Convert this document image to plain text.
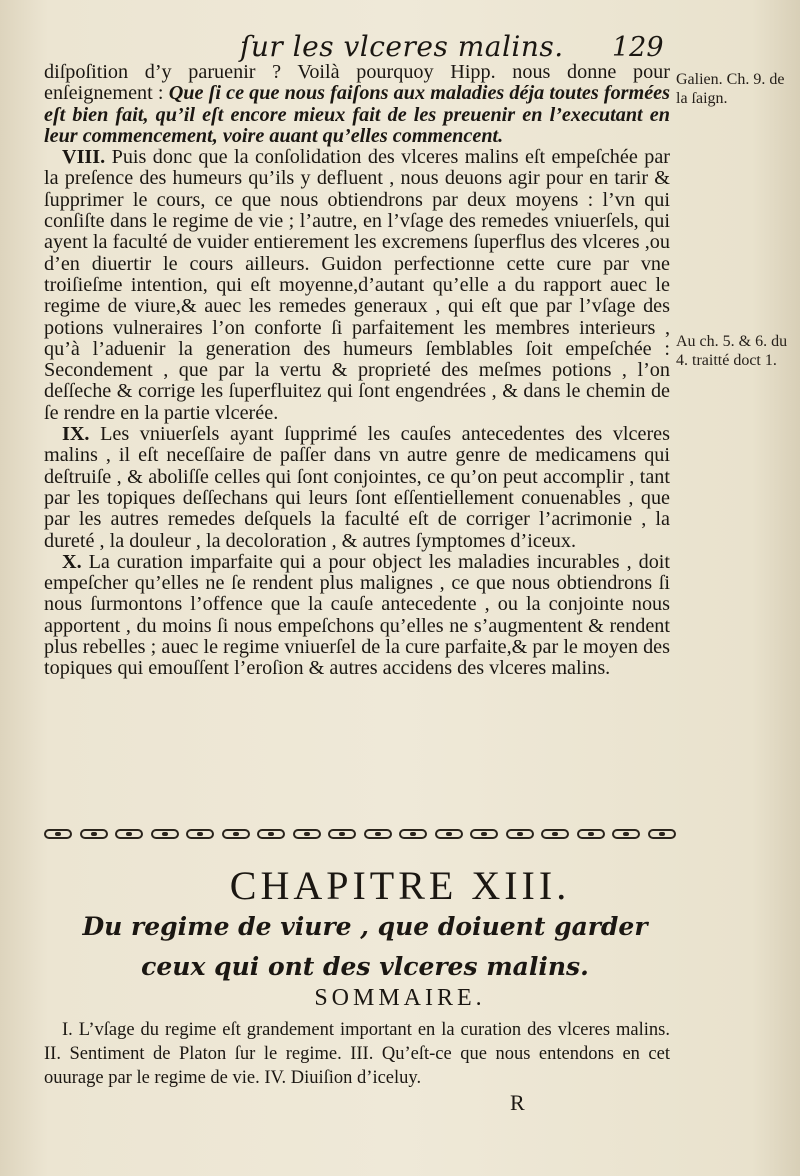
ſur les vlceres malins. 129

diſpoſition d’y paruenir ? Voilà pourquoy Hipp. nous donne pour enſeignement : Que ſi ce que nous faiſons aux maladies déja toutes formées eſt bien fait, qu’il eſt encore mieux fait de les preuenir en l’executant en leur commencement, voire auant qu’elles commencent.

VIII. Puis donc que la conſolidation des vlceres malins eſt empeſchée par la preſence des humeurs qu’ils y defluent , nous deuons agir pour en tarir & ſupprimer le cours, ce que nous obtiendrons par deux moyens : l’vn qui conſiſte dans le regime de vie ; l’autre, en l’vſage des remedes vniuerſels, qui ayent la faculté de vuider entierement les excremens ſuperflus des vlceres ,ou d’en diuertir le cours ailleurs. Guidon perfectionne cette cure par vne troiſieſme intention, qui eſt moyenne,d’autant qu’elle a du rapport auec le regime de viure,& auec les remedes generaux , qui eſt que par l’vſage des potions vulneraires l’on conforte ſi parfaitement les membres interieurs , qu’à l’aduenir la generation des humeurs ſemblables ſoit empeſchée : Secondement , que par la vertu & proprieté des meſmes potions , l’on deſſeche & corrige les ſuperfluitez qui ſont engendrées , & dans le chemin de ſe rendre en la partie vlcerée.

IX. Les vniuerſels ayant ſupprimé les cauſes antecedentes des vlceres malins , il eſt neceſſaire de paſſer dans vn autre genre de medicamens qui deſtruiſe , & aboliſſe celles qui ſont conjointes, ce qu’on peut accomplir , tant par les topiques deſſechans qui leurs ſont eſſentiellement conuenables , que par les autres remedes deſquels la faculté eſt de corriger l’acrimonie , la dureté , la douleur , la decoloration , & autres ſymptomes d’iceux.

X. La curation imparfaite qui a pour object les maladies incurables , doit empeſcher qu’elles ne ſe rendent plus malignes , ce que nous obtiendrons ſi nous ſurmontons l’offence que la cauſe antecedente , ou la conjointe nous apportent , du moins ſi nous empeſchons qu’elles ne s’augmentent & rendent plus rebelles ; auec le regime vniuerſel de la cure parfaite,& par le moyen des topiques qui emouſſent l’eroſion & autres accidens des vlceres malins.

Galien. Ch. 9. de la ſaign.
Au ch. 5. & 6. du 4. traitté doct 1.
CHAPITRE XIII.
Du regime de viure , que doiuent garder ceux qui ont des vlceres malins.
SOMMAIRE.
I. L’vſage du regime eſt grandement important en la curation des vlceres malins. II. Sentiment de Platon ſur le regime. III. Qu’eſt-ce que nous entendons en cet ouurage par le regime de vie. IV. Diuiſion d’iceluy.
R
